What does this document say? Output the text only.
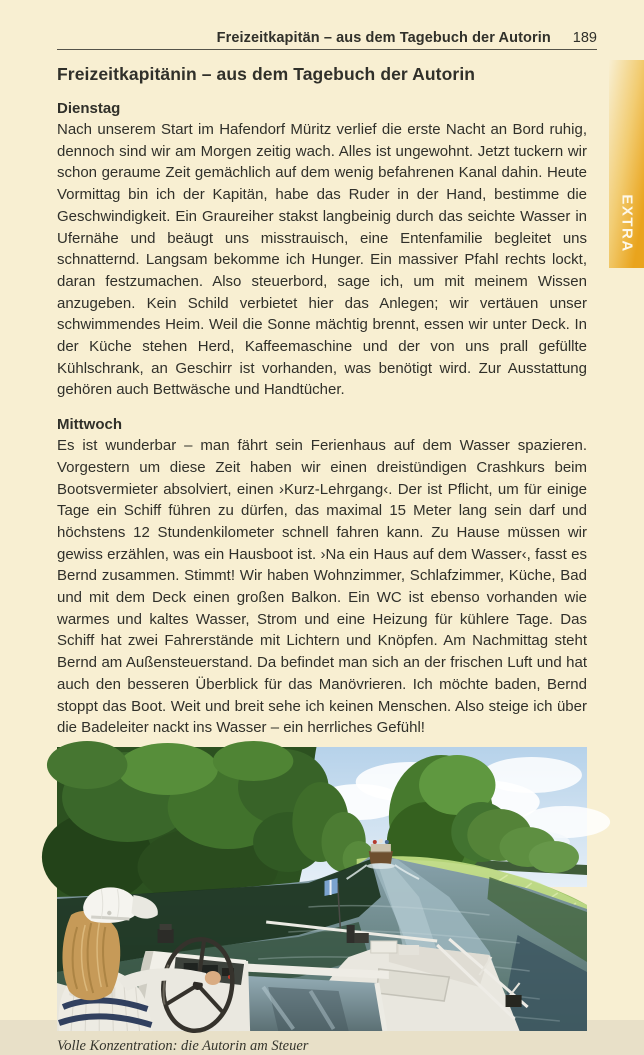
EXTRA
Freizeitkapitän – aus dem Tagebuch der Autorin 189
Freizeitkapitänin – aus dem Tagebuch der Autorin
Dienstag

Nach unserem Start im Hafendorf Müritz verlief die erste Nacht an Bord ruhig, dennoch sind wir am Morgen zeitig wach. Alles ist ungewohnt. Jetzt tuckern wir schon geraume Zeit gemächlich auf dem wenig befahrenen Kanal dahin. Heute Vormittag bin ich der Kapitän, habe das Ruder in der Hand, bestimme die Geschwindigkeit. Ein Graureiher stakst langbeinig durch das seichte Wasser in Ufernähe und beäugt uns misstrauisch, eine Entenfamilie begleitet uns schnatternd. Langsam bekomme ich Hunger. Ein massiver Pfahl rechts lockt, daran festzumachen. Also steuerbord, sage ich, um mit meinem Wissen anzugeben. Kein Schild verbietet hier das Anlegen; wir vertäuen unser schwimmendes Heim. Weil die Sonne mächtig brennt, essen wir unter Deck. In der Küche stehen Herd, Kaffeemaschine und der von uns prall gefüllte Kühlschrank, an Geschirr ist vorhanden, was benötigt wird. Zur Ausstattung gehören auch Bettwäsche und Handtücher.

Mittwoch

Es ist wunderbar – man fährt sein Ferienhaus auf dem Wasser spazieren. Vorgestern um diese Zeit haben wir einen dreistündigen Crashkurs beim Bootsvermieter absolviert, einen ›Kurz-Lehrgang‹. Der ist Pflicht, um für einige Tage ein Schiff führen zu dürfen, das maximal 15 Meter lang sein darf und höchstens 12 Stundenkilometer schnell fahren kann. Zu Hause müssen wir gewiss erzählen, was ein Hausboot ist. ›Na ein Haus auf dem Wasser‹, fasst es Bernd zusammen. Stimmt! Wir haben Wohnzimmer, Schlafzimmer, Küche, Bad und mit dem Deck einen großen Balkon. Ein WC ist ebenso vorhanden wie warmes und kaltes Wasser, Strom und eine Heizung für kühlere Tage. Das Schiff hat zwei Fahrerstände mit Lichtern und Knöpfen. Am Nachmittag steht Bernd am Außensteuerstand. Da befindet man sich an der frischen Luft und hat auch den besseren Überblick für das Manövrieren. Ich möchte baden, Bernd stoppt das Boot. Weit und breit sehe ich keinen Menschen. Also steige ich über die Badeleiter nackt ins Wasser – ein herrliches Gefühl!

Volle Konzentration: die Autorin am Steuer
